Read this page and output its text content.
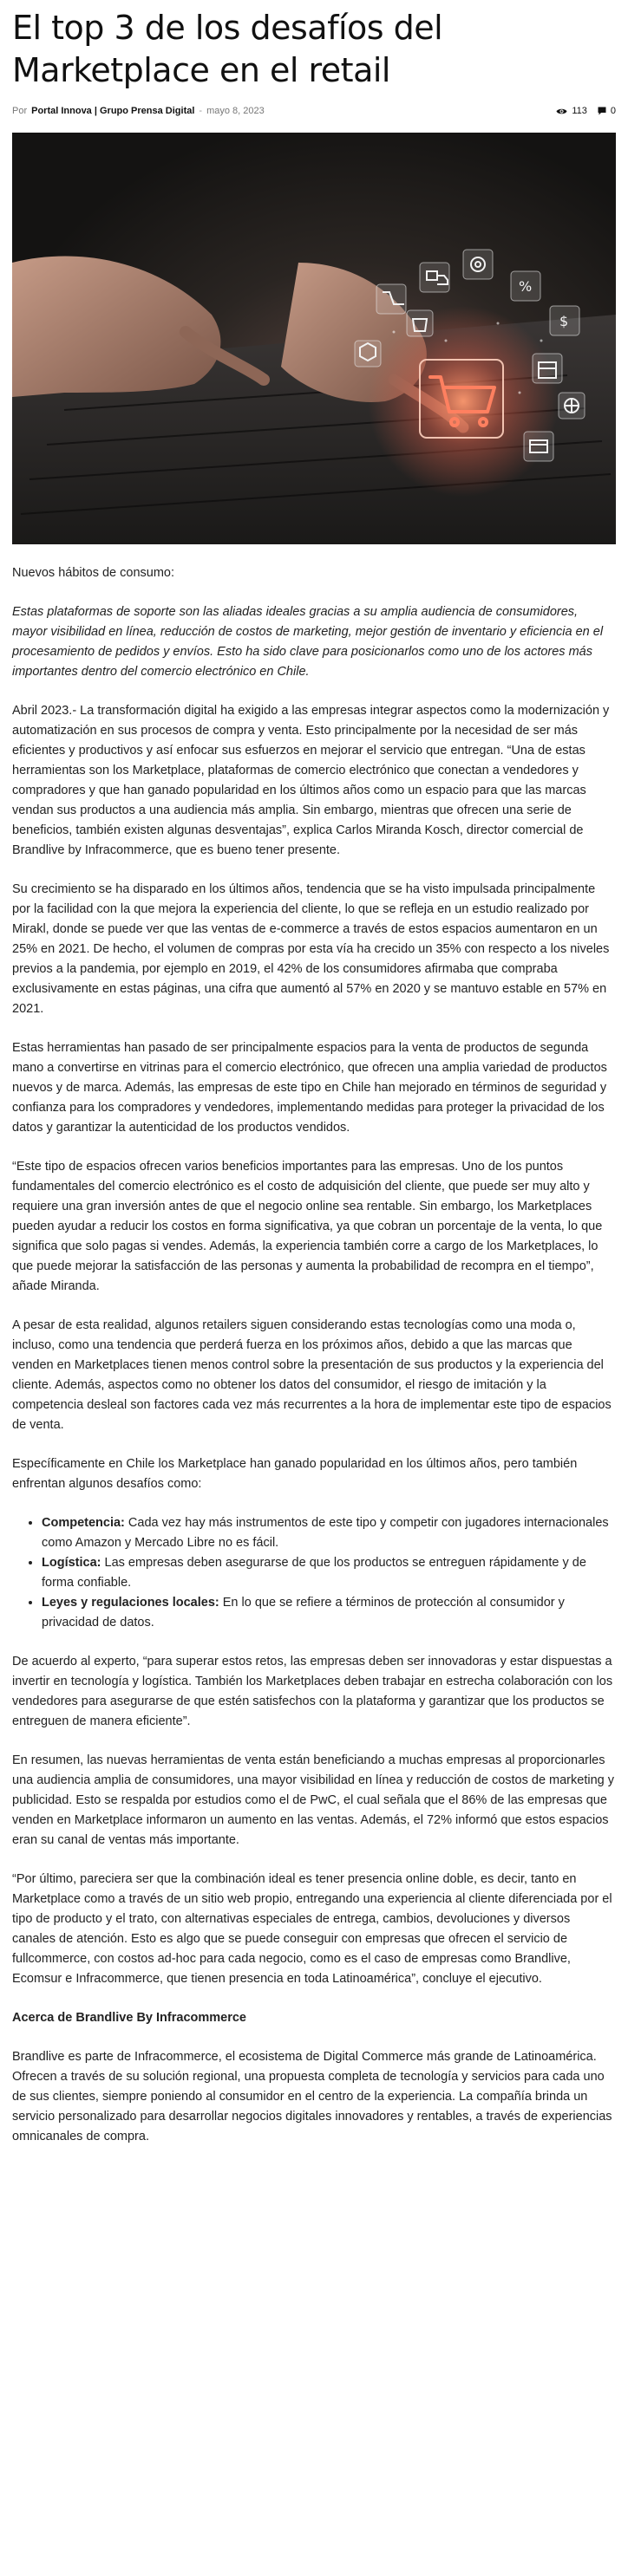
El top 3 de los desafíos del Marketplace en el retail
Por Portal Innova | Grupo Prensa Digital - mayo 8, 2023	113 0
%
$

Nuevos hábitos de consumo:

Estas plataformas de soporte son las aliadas ideales gracias a su amplia audiencia de consumidores, mayor visibilidad en línea, reducción de costos de marketing, mejor gestión de inventario y eficiencia en el procesamiento de pedidos y envíos. Esto ha sido clave para posicionarlos como uno de los actores más importantes dentro del comercio electrónico en Chile.

Abril 2023.- La transformación digital ha exigido a las empresas integrar aspectos como la modernización y automatización en sus procesos de compra y venta. Esto principalmente por la necesidad de ser más eficientes y productivos y así enfocar sus esfuerzos en mejorar el servicio que entregan. “Una de estas herramientas son los Marketplace, plataformas de comercio electrónico que conectan a vendedores y compradores y que han ganado popularidad en los últimos años como un espacio para que las marcas vendan sus productos a una audiencia más amplia. Sin embargo, mientras que ofrecen una serie de beneficios, también existen algunas desventajas”, explica Carlos Miranda Kosch, director comercial de Brandlive by Infracommerce, que es bueno tener presente.

Su crecimiento se ha disparado en los últimos años, tendencia que se ha visto impulsada principalmente por la facilidad con la que mejora la experiencia del cliente, lo que se refleja en un estudio realizado por Mirakl, donde se puede ver que las ventas de e-commerce a través de estos espacios aumentaron en un 25% en 2021. De hecho, el volumen de compras por esta vía ha crecido un 35% con respecto a los niveles previos a la pandemia, por ejemplo en 2019, el 42% de los consumidores afirmaba que compraba exclusivamente en estas páginas, una cifra que aumentó al 57% en 2020 y se mantuvo estable en 57% en 2021.

Estas herramientas han pasado de ser principalmente espacios para la venta de productos de segunda mano a convertirse en vitrinas para el comercio electrónico, que ofrecen una amplia variedad de productos nuevos y de marca. Además, las empresas de este tipo en Chile han mejorado en términos de seguridad y confianza para los compradores y vendedores, implementando medidas para proteger la privacidad de los datos y garantizar la autenticidad de los productos vendidos.

“Este tipo de espacios ofrecen varios beneficios importantes para las empresas. Uno de los puntos fundamentales del comercio electrónico es el costo de adquisición del cliente, que puede ser muy alto y requiere una gran inversión antes de que el negocio online sea rentable. Sin embargo, los Marketplaces pueden ayudar a reducir los costos en forma significativa, ya que cobran un porcentaje de la venta, lo que significa que solo pagas si vendes. Además, la experiencia también corre a cargo de los Marketplaces, lo que puede mejorar la satisfacción de las personas y aumenta la probabilidad de recompra en el tiempo”, añade Miranda.

A pesar de esta realidad, algunos retailers siguen considerando estas tecnologías como una moda o, incluso, como una tendencia que perderá fuerza en los próximos años, debido a que las marcas que venden en Marketplaces tienen menos control sobre la presentación de sus productos y la experiencia del cliente. Además, aspectos como no obtener los datos del consumidor, el riesgo de imitación y la competencia desleal son factores cada vez más recurrentes a la hora de implementar este tipo de espacios de venta.

Específicamente en Chile los Marketplace han ganado popularidad en los últimos años, pero también enfrentan algunos desafíos como:

• Competencia: Cada vez hay más instrumentos de este tipo y competir con jugadores internacionales como Amazon y Mercado Libre no es fácil.
• Logística: Las empresas deben asegurarse de que los productos se entreguen rápidamente y de forma confiable.
• Leyes y regulaciones locales: En lo que se refiere a términos de protección al consumidor y privacidad de datos.

De acuerdo al experto, “para superar estos retos, las empresas deben ser innovadoras y estar dispuestas a invertir en tecnología y logística. También los Marketplaces deben trabajar en estrecha colaboración con los vendedores para asegurarse de que estén satisfechos con la plataforma y garantizar que los productos se entreguen de manera eficiente”.

En resumen, las nuevas herramientas de venta están beneficiando a muchas empresas al proporcionarles una audiencia amplia de consumidores, una mayor visibilidad en línea y reducción de costos de marketing y publicidad. Esto se respalda por estudios como el de PwC, el cual señala que el 86% de las empresas que venden en Marketplace informaron un aumento en las ventas. Además, el 72% informó que estos espacios eran su canal de ventas más importante.

“Por último, pareciera ser que la combinación ideal es tener presencia online doble, es decir, tanto en Marketplace como a través de un sitio web propio, entregando una experiencia al cliente diferenciada por el tipo de producto y el trato, con alternativas especiales de entrega, cambios, devoluciones y diversos canales de atención. Esto es algo que se puede conseguir con empresas que ofrecen el servicio de fullcommerce, con costos ad-hoc para cada negocio, como es el caso de empresas como Brandlive, Ecomsur e Infracommerce, que tienen presencia en toda Latinoamérica”, concluye el ejecutivo.

Acerca de Brandlive By Infracommerce

Brandlive es parte de Infracommerce, el ecosistema de Digital Commerce más grande de Latinoamérica. Ofrecen a través de su solución regional, una propuesta completa de tecnología y servicios para cada uno de sus clientes, siempre poniendo al consumidor en el centro de la experiencia. La compañía brinda un servicio personalizado para desarrollar negocios digitales innovadores y rentables, a través de experiencias omnicanales de compra.
